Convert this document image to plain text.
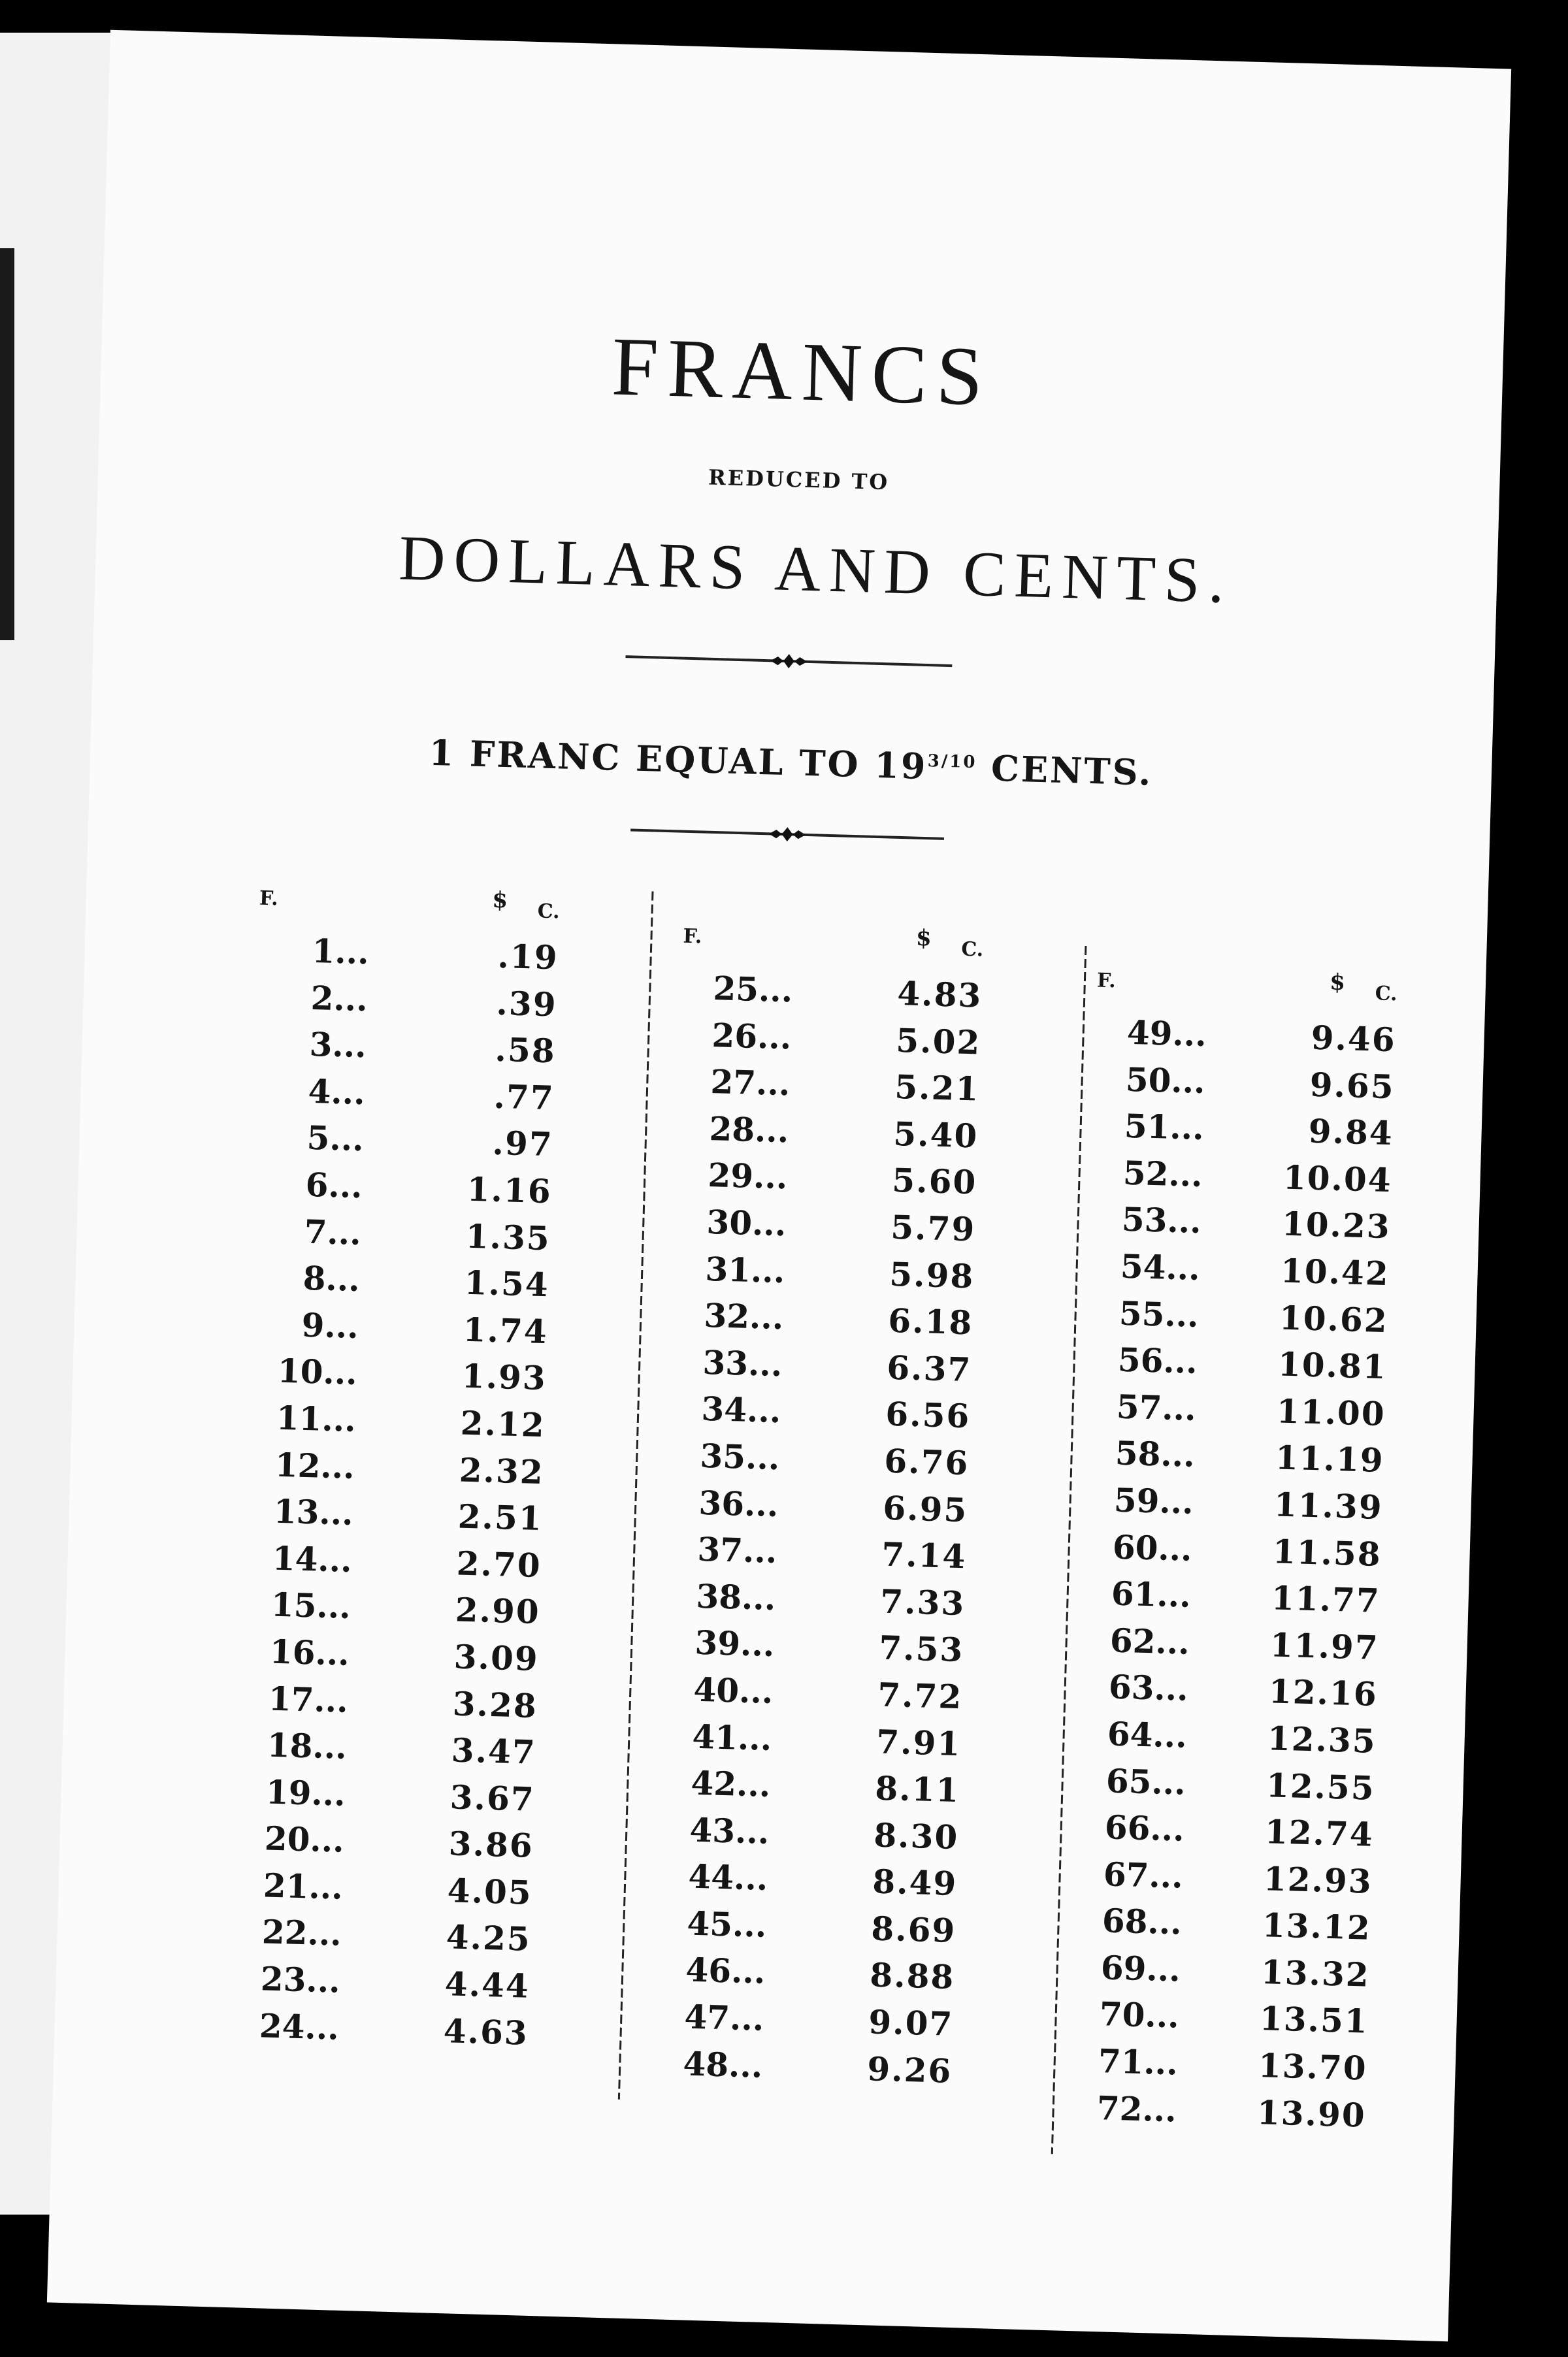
FRANCS
REDUCED TO
DOLLARS AND CENTS.
1 FRANC EQUAL TO $19^{3/10}$ CENTS.
F.	$ C.
1...	.19
2...	.39
3...	.58
4...	.77
5...	.97
6...	1.16
7...	1.35
8...	1.54
9...	1.74
10...	1.93
11...	2.12
12...	2.32
13...	2.51
14...	2.70
15...	2.90
16...	3.09
17...	3.28
18...	3.47
19...	3.67
20...	3.86
21...	4.05
22...	4.25
23...	4.44
24...	4.63
F.	$ C.
25...	4.83
26...	5.02
27...	5.21
28...	5.40
29...	5.60
30...	5.79
31...	5.98
32...	6.18
33...	6.37
34...	6.56
35...	6.76
36...	6.95
37...	7.14
38...	7.33
39...	7.53
40...	7.72
41...	7.91
42...	8.11
43...	8.30
44...	8.49
45...	8.69
46...	8.88
47...	9.07
48...	9.26
F.	$ C.
49...	9.46
50...	9.65
51...	9.84
52... 10.04
53... 10.23
54... 10.42
55... 10.62
56... 10.81
57... 11.00
58... 11.19
59... 11.39
60... 11.58
61... 11.77
62... 11.97
63... 12.16
64... 12.35
65... 12.55
66... 12.74
67... 12.93
68... 13.12
69... 13.32
70... 13.51
71... 13.70
72... 13.90
